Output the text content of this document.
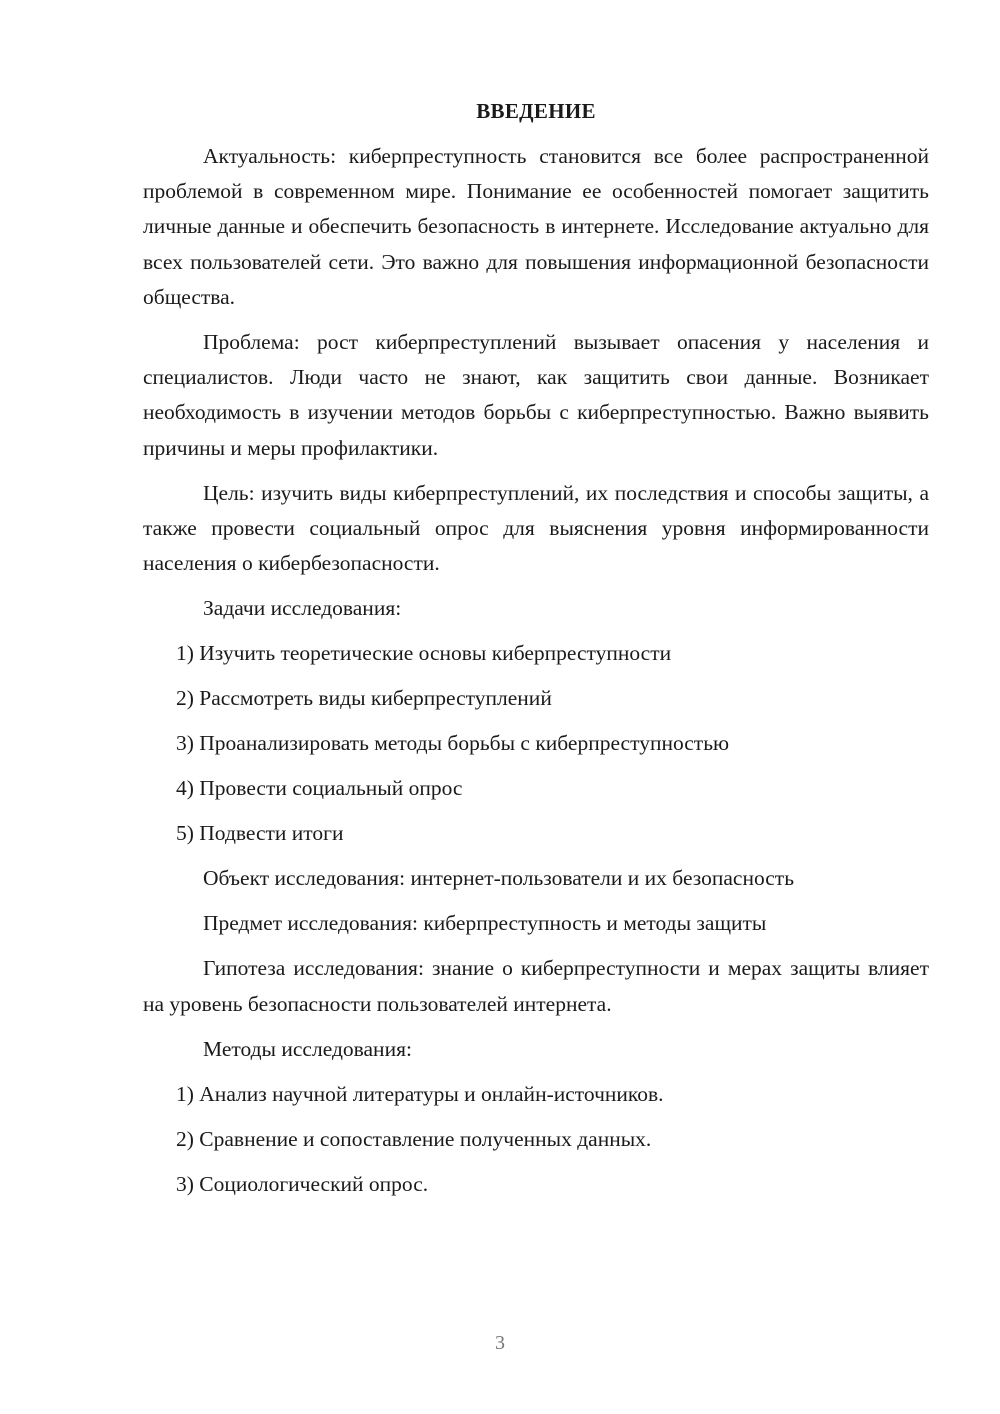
ВВЕДЕНИЕ

Актуальность: киберпреступность становится все более распространенной проблемой в современном мире. Понимание ее особенностей помогает защитить личные данные и обеспечить безопасность в интернете. Исследование актуально для всех пользователей сети. Это важно для повышения информационной безопасности общества.

Проблема: рост киберпреступлений вызывает опасения у населения и специалистов. Люди часто не знают, как защитить свои данные. Возникает необходимость в изучении методов борьбы с киберпреступностью. Важно выявить причины и меры профилактики.

Цель: изучить виды киберпреступлений, их последствия и способы защиты, а также провести социальный опрос для выяснения уровня информированности населения о кибербезопасности.

Задачи исследования:
1) Изучить теоретические основы киберпреступности
2) Рассмотреть виды киберпреступлений
3) Проанализировать методы борьбы с киберпреступностью
4) Провести социальный опрос
5) Подвести итоги
Объект исследования: интернет-пользователи и их безопасность
Предмет исследования: киберпреступность и методы защиты

Гипотеза исследования: знание о киберпреступности и мерах защиты влияет на уровень безопасности пользователей интернета.

Методы исследования:
1) Анализ научной литературы и онлайн-источников.
2) Сравнение и сопоставление полученных данных.
3) Социологический опрос.
3
